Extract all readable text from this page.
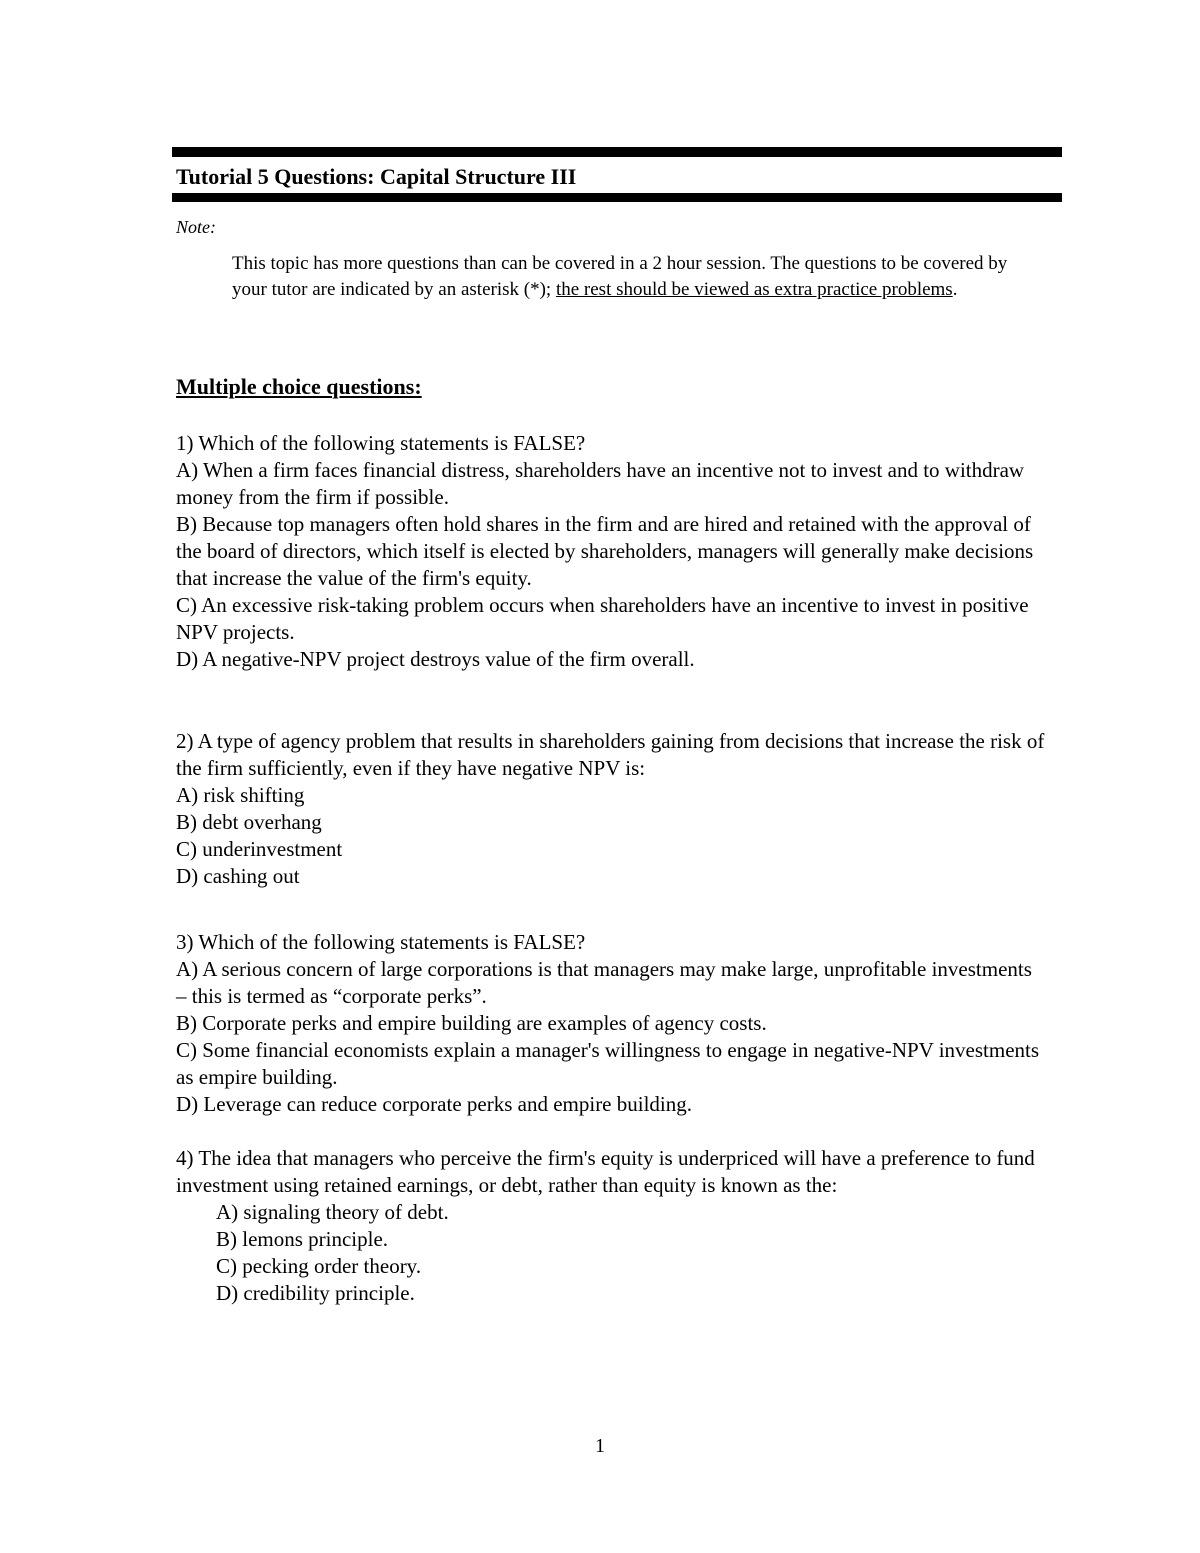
Tutorial 5 Questions: Capital Structure III
Note:
This topic has more questions than can be covered in a 2 hour session. The questions to be covered by your tutor are indicated by an asterisk (*); the rest should be viewed as extra practice problems.
Multiple choice questions:
1) Which of the following statements is FALSE?
A) When a firm faces financial distress, shareholders have an incentive not to invest and to withdraw money from the firm if possible.
B) Because top managers often hold shares in the firm and are hired and retained with the approval of the board of directors, which itself is elected by shareholders, managers will generally make decisions that increase the value of the firm's equity.
C) An excessive risk-taking problem occurs when shareholders have an incentive to invest in positive NPV projects.
D) A negative-NPV project destroys value of the firm overall.
2) A type of agency problem that results in shareholders gaining from decisions that increase the risk of the firm sufficiently, even if they have negative NPV is:
A) risk shifting
B) debt overhang
C) underinvestment
D) cashing out
3) Which of the following statements is FALSE?
A) A serious concern of large corporations is that managers may make large, unprofitable investments – this is termed as “corporate perks”.
B) Corporate perks and empire building are examples of agency costs.
C) Some financial economists explain a manager's willingness to engage in negative-NPV investments as empire building.
D) Leverage can reduce corporate perks and empire building.
4) The idea that managers who perceive the firm's equity is underpriced will have a preference to fund investment using retained earnings, or debt, rather than equity is known as the:
A) signaling theory of debt.
B) lemons principle.
C) pecking order theory.
D) credibility principle.
1
